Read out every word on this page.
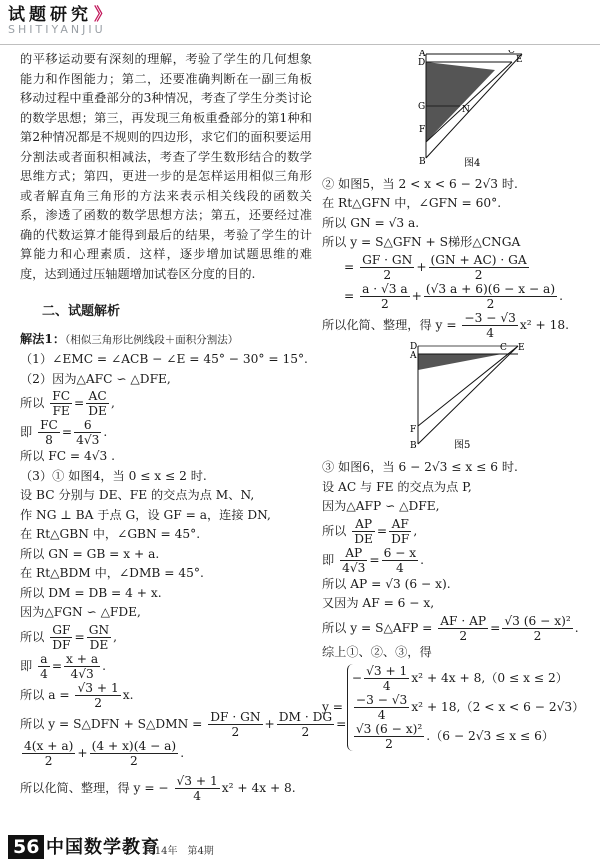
试题研究 》
SHITIYANJIU

的平移运动要有深刻的理解，考验了学生的几何想象能力和作图能力；第二，还要准确判断在一副三角板移动过程中重叠部分的3种情况，考查了学生分类讨论的数学思想；第三，再发现三角板重叠部分的第1种和第2种情况都是不规则的四边形，求它们的面积要运用分割法或者面积相减法，考查了学生数形结合的数学思维方式；第四，更进一步的是怎样运用相似三角形或者解直角三角形的方法来表示相关线段的函数关系，渗透了函数的数学思想方法；第五，还要经过准确的代数运算才能得到最后的结果，考验了学生的计算能力和心理素质．这样，逐步增加试题思维的难度，达到通过压轴题增加试卷区分度的目的.

二、试题解析

解法1：（相似三角形比例线段＋面积分割法）

（1）∠EMC = ∠ACB − ∠E = 45° − 30° = 15°.

（2）因为△AFC ∽ △DFE,

所以 $\frac{FC}{FE} = \frac{AC}{DE}$ ,

即 $\frac{FC}{8} = \frac{6}{4√3}$ .

所以 FC = 4√3 .

（3）① 如图4，当 0 ≤ x ≤ 2 时.

设 BC 分别与 DE、FE 的交点为点 M、N,

作 NG ⊥ BA 于点 G，设 GF = a，连接 DN,

在 Rt△GBN 中，∠GBN = 45°.

所以 GN = GB = x + a.

在 Rt△BDM 中，∠DMB = 45°.

所以 DM = DB = 4 + x.

因为△FGN ∽ △FDE,

所以 $\frac{GF}{DF} = \frac{GN}{DE}$ ,

即 $\frac{a}{4} = \frac{x + a}{4√3}$ .

所以 $a = \frac{√3 + 1}{2} x$.

所以 y = S△DFN + S△DMN = $\frac{DF \cdot GN}{2} + \frac{DM \cdot DG}{2}$ =

$\frac{4(x + a)}{2} + \frac{(4 + x)(4 - a)}{2}$ .

所以化简、整理，得 y = − $\frac{√3 + 1}{4} x^2 + 4x + 8$.

A	C
E
D
G	N
F
B	图4

② 如图5，当 2 < x < 6 − 2√3 时.

在 Rt△GFN 中，∠GFN = 60°.

所以 GN = √3 a.

所以 y = S△GFN + S梯形△CNGA

= $\frac{GF \cdot GN}{2} + \frac{(GN + AC) \cdot GA}{2}$

= $\frac{a \cdot √3 a}{2} + \frac{(√3 a + 6)(6 - x - a)}{2}$ .

所以化简、整理，得 $y = \frac{-3 - √3}{4} x^2 + 18$.

D
A
C E
F
B	图5

③ 如图6，当 6 − 2√3 ≤ x ≤ 6 时.

设 AC 与 FE 的交点为点 P,

因为△AFP ∽ △DFE,

所以 $\frac{AP}{DE} = \frac{AF}{DF}$ ,

即 $\frac{AP}{4√3} = \frac{6 - x}{4}$ .

所以 AP = √3 (6 − x).

又因为 AF = 6 − x,

所以 y = S△AFP = $\frac{AF \cdot AP}{2} = \frac{\text{√3 (6 − x)²}}{2}$ .

综上①、②、③，得

y =
− $\frac{√3 + 1}{4} x^2 + 4x + 8,(0 \le x \le 2)$
$\frac{-3 - √3}{4} x^2 + 18,(2 < x < 6 - 2√3)$
$\frac{\text{√3 (6 − x)²}}{2} .(6 - 2√3 \le x \le 6)$
56 中国数学教育
2014年　第4期
